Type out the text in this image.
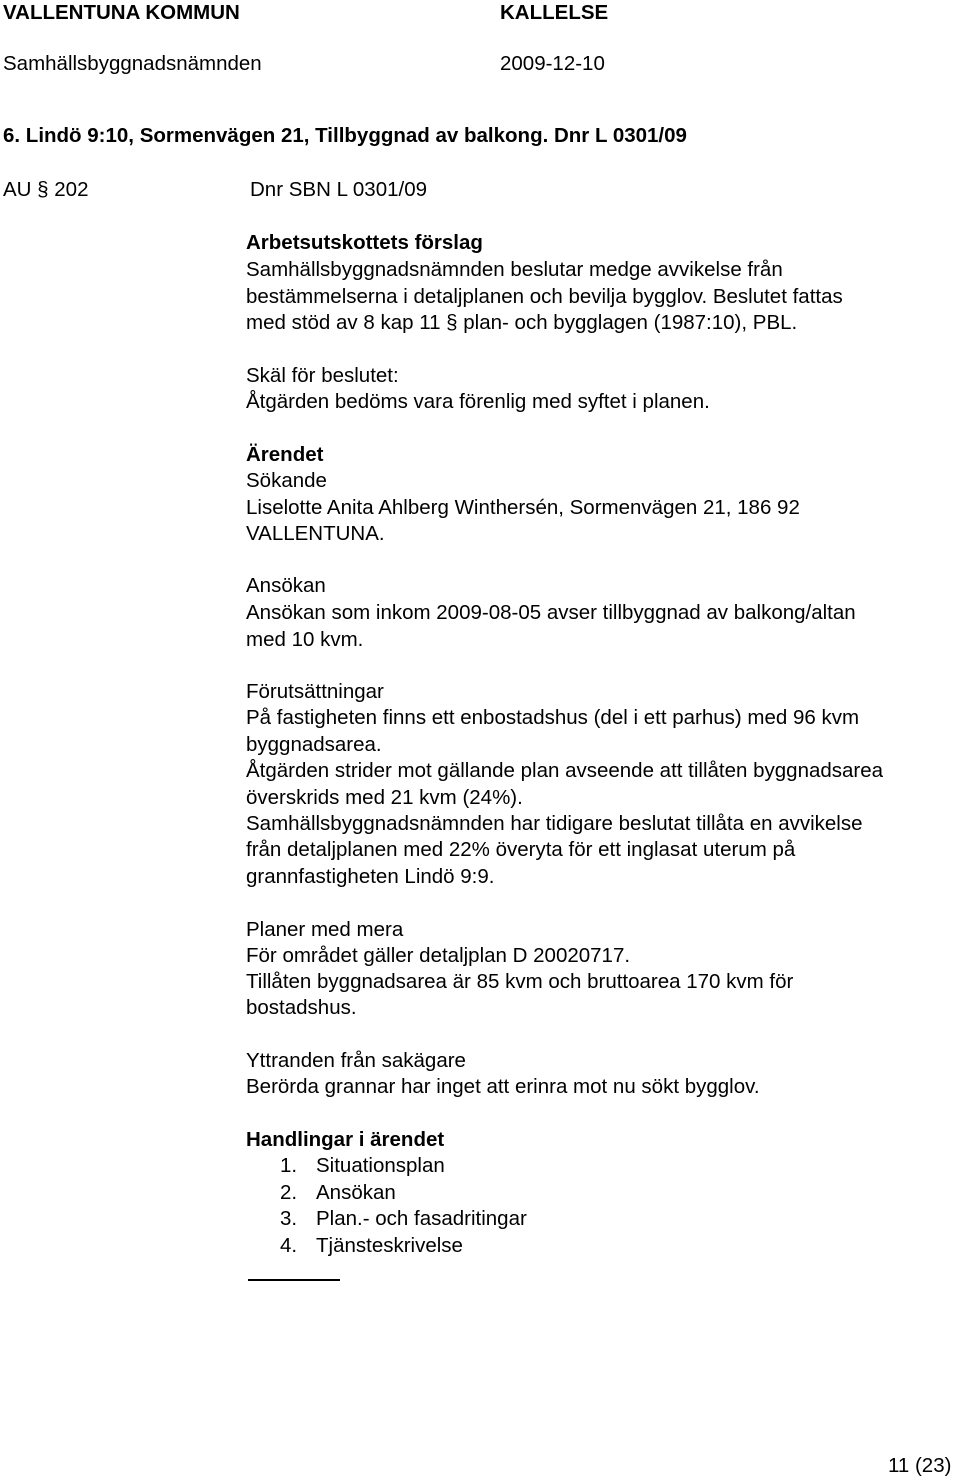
VALLENTUNA KOMMUN	KALLELSE
Samhällsbyggnadsnämnden	2009-12-10
6. Lindö 9:10, Sormenvägen 21, Tillbyggnad av balkong. Dnr L 0301/09
AU § 202	Dnr SBN L 0301/09
Arbetsutskottets förslag
Samhällsbyggnadsnämnden beslutar medge avvikelse från
bestämmelserna i detaljplanen och bevilja bygglov. Beslutet fattas
med stöd av 8 kap 11 § plan- och bygglagen (1987:10), PBL.
Skäl för beslutet:
Åtgärden bedöms vara förenlig med syftet i planen.
Ärendet
Sökande
Liselotte Anita Ahlberg Winthersén, Sormenvägen 21, 186 92
VALLENTUNA.
Ansökan
Ansökan som inkom 2009-08-05 avser tillbyggnad av balkong/altan
med 10 kvm.
Förutsättningar
På fastigheten finns ett enbostadshus (del i ett parhus) med 96 kvm
byggnadsarea.
Åtgärden strider mot gällande plan avseende att tillåten byggnadsarea
överskrids med 21 kvm (24%).
Samhällsbyggnadsnämnden har tidigare beslutat tillåta en avvikelse
från detaljplanen med 22% överyta för ett inglasat uterum på
grannfastigheten Lindö 9:9.
Planer med mera
För området gäller detaljplan D 20020717.
Tillåten byggnadsarea är 85 kvm och bruttoarea 170 kvm för
bostadshus.
Yttranden från sakägare
Berörda grannar har inget att erinra mot nu sökt bygglov.
Handlingar i ärendet
1. Situationsplan
2. Ansökan
3. Plan.- och fasadritingar
4. Tjänsteskrivelse
11 (23)
